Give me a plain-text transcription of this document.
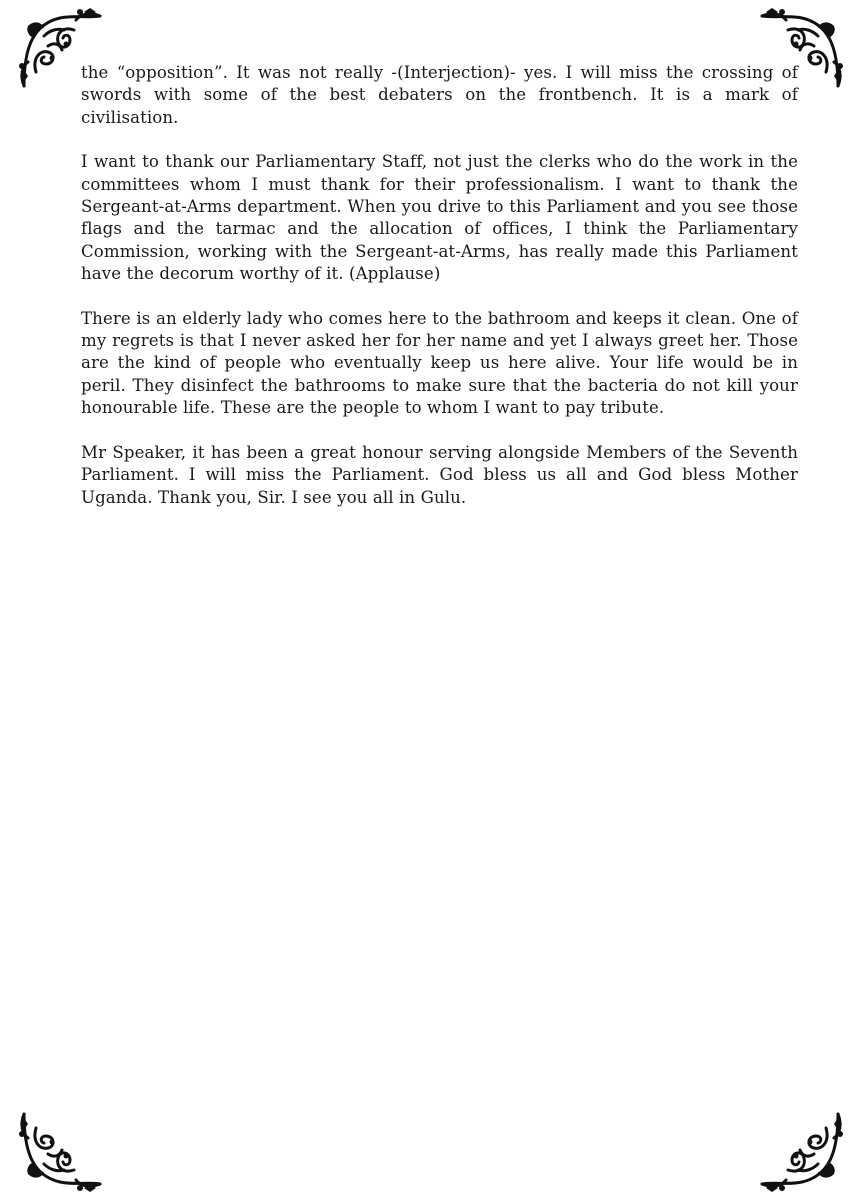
the “opposition”. It was not really -(Interjection)- yes. I will miss the crossing of swords with some of the best debaters on the frontbench. It is a mark of civilisation.

I want to thank our Parliamentary Staff, not just the clerks who do the work in the committees whom I must thank for their professionalism. I want to thank the Sergeant-at-Arms department. When you drive to this Parliament and you see those flags and the tarmac and the allocation of offices, I think the Parliamentary Commission, working with the Sergeant-at-Arms, has really made this Parliament have the decorum worthy of it. (Applause)

There is an elderly lady who comes here to the bathroom and keeps it clean. One of my regrets is that I never asked her for her name and yet I always greet her. Those are the kind of people who eventually keep us here alive. Your life would be in peril. They disinfect the bathrooms to make sure that the bacteria do not kill your honourable life. These are the people to whom I want to pay tribute.

Mr Speaker, it has been a great honour serving alongside Members of the Seventh Parliament. I will miss the Parliament. God bless us all and God bless Mother Uganda. Thank you, Sir. I see you all in Gulu.
